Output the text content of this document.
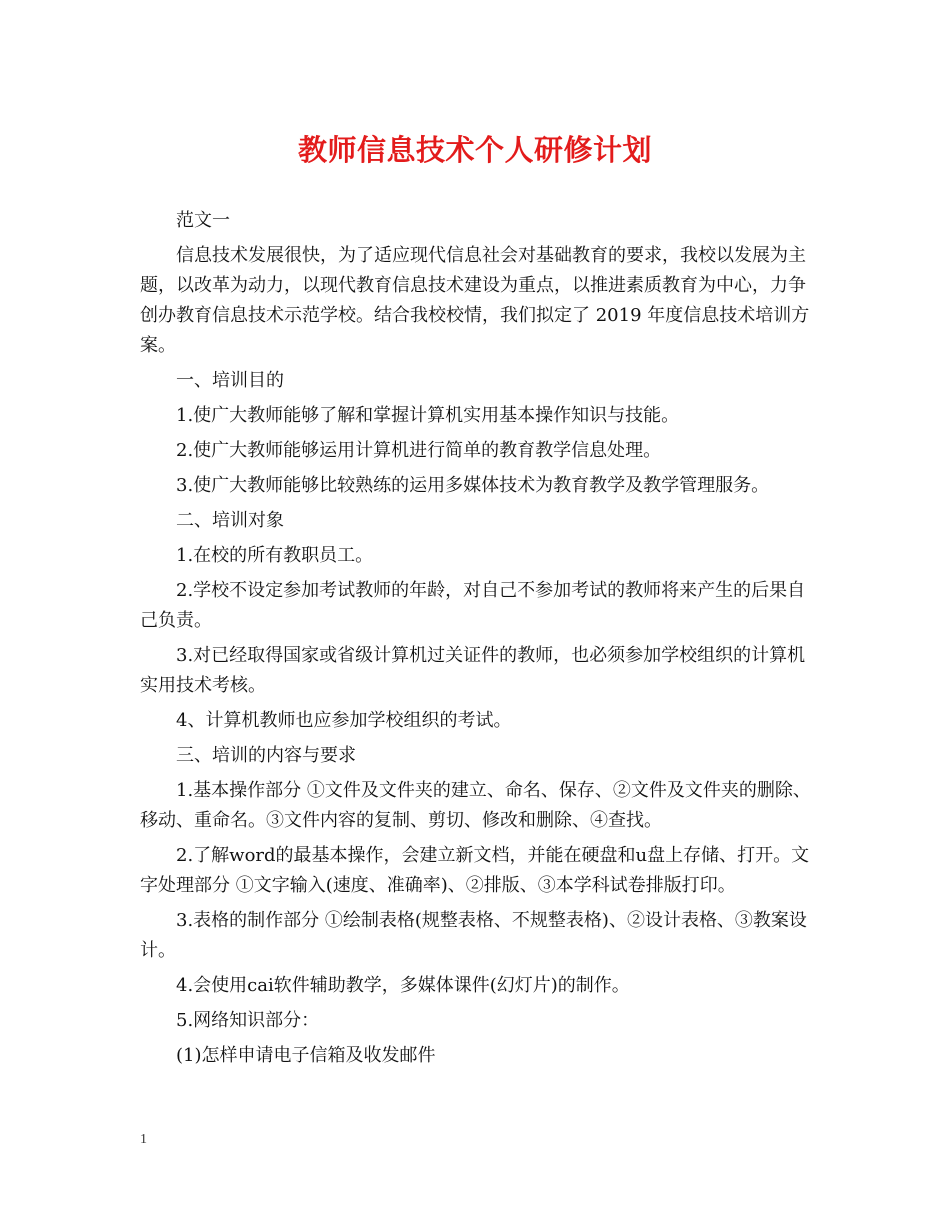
教师信息技术个人研修计划

范文一

信息技术发展很快，为了适应现代信息社会对基础教育的要求，我校以发展为主题，以改革为动力，以现代教育信息技术建设为重点，以推进素质教育为中心，力争创办教育信息技术示范学校。结合我校校情，我们拟定了 2019 年度信息技术培训方案。

一、培训目的

1.使广大教师能够了解和掌握计算机实用基本操作知识与技能。

2.使广大教师能够运用计算机进行简单的教育教学信息处理。

3.使广大教师能够比较熟练的运用多媒体技术为教育教学及教学管理服务。

二、培训对象

1.在校的所有教职员工。

2.学校不设定参加考试教师的年龄，对自己不参加考试的教师将来产生的后果自己负责。

3.对已经取得国家或省级计算机过关证件的教师，也必须参加学校组织的计算机实用技术考核。

4、计算机教师也应参加学校组织的考试。

三、培训的内容与要求

1.基本操作部分 ①文件及文件夹的建立、命名、保存、②文件及文件夹的删除、移动、重命名。③文件内容的复制、剪切、修改和删除、④查找。

2.了解word的最基本操作，会建立新文档，并能在硬盘和u盘上存储、打开。文字处理部分 ①文字输入(速度、准确率)、②排版、③本学科试卷排版打印。

3.表格的制作部分 ①绘制表格(规整表格、不规整表格)、②设计表格、③教案设计。

4.会使用cai软件辅助教学，多媒体课件(幻灯片)的制作。

5.网络知识部分：

(1)怎样申请电子信箱及收发邮件

1
